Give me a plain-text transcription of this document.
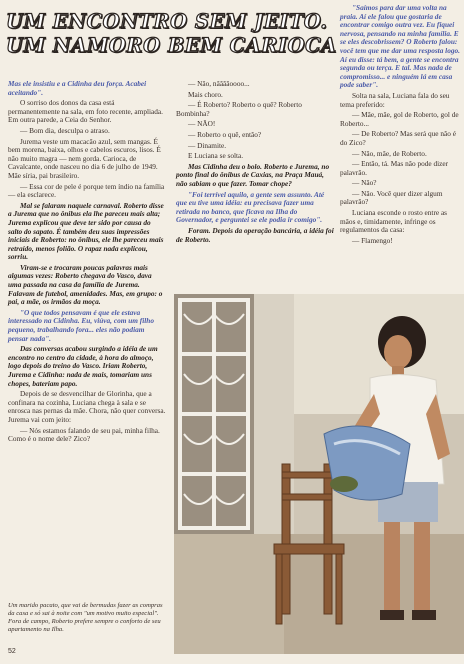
UM ENCONTRO SEM JEITO.
UM NAMORO BEM CARIOCA

Mas ele insistiu e a Cidinha deu força. Acabei aceitando".

O sorriso dos donos da casa está permanentemente na sala, em foto recente, ampliada. Em outra parede, a Ceia do Senhor.

— Bom dia, desculpa o atraso.

Jurema veste um macacão azul, sem mangas. É bem morena, baixa, olhos e cabelos escuros, lisos. É não muito magra — nem gorda. Carioca, de Cavalcante, onde nasceu no dia 6 de julho de 1949. Mãe síria, pai brasileiro.

— Essa cor de pele é porque tem índio na família — ela esclarece.

Mal se falaram naquele carnaval. Roberto disse a Jurema que no ônibus ela lhe pareceu mais alta; Jurema explicou que deve ter sido por causa do salto do sapato. É também deu suas impressões iniciais de Roberto: no ônibus, ele lhe pareceu mais retraído, menos folião. O rapaz nada explicou, sorriu.

Viram-se e trocaram poucas palavras mais algumas vezes: Roberto chegava do Vasco, dava uma passada na casa da família de Jurema. Falavam de futebol, amenidades. Mas, em grupo: o pai, a mãe, os irmãos da moça.

"O que todos pensavam é que ele estava interessado na Cidinha. Eu, viúva, com um filho pequeno, trabalhando fora... eles não podiam pensar nada".

Das conversas acabou surgindo a idéia de um encontro no centro da cidade, à hora do almoço, logo depois do treino do Vasco. Iriam Roberto, Jurema e Cidinha: nada de mais, tomariam uns chopes, bateriam papo.

Depois de se desvencilhar de Glorinha, que a confinara na cozinha, Luciana chega à sala e se enrosca nas pernas da mãe. Chora, não quer conversa. Jurema vai com jeito:

— Nós estamos falando de seu pai, minha filha. Como é o nome dele? Zico?

— Não, nããããoooo...

Mais choro.

— É Roberto? Roberto o quê? Roberto Bombinha?

— NÃO!

— Roberto o quê, então?

— Dinamite.

E Luciana se solta.

Mas Cidinha deu o bolo. Roberto e Jurema, no ponto final do ônibus de Caxias, na Praça Mauá, não sabiam o que fazer. Tomar chope?

"Foi terrível aquilo, a gente sem assunto. Até que eu tive uma idéia: eu precisava fazer uma retirada no banco, que ficava na Ilha do Governador, e perguntei se ele podia ir comigo".

Foram. Depois da operação bancária, a idéia foi de Roberto.

"Saímos para dar uma volta na praia. Aí ele falou que gostaria de encontrar comigo outra vez. Eu fiquei nervosa, pensando na minha família. E se eles descobrissem? O Roberto falou: você tem que me dar uma resposta logo. Aí eu disse: tá bem, a gente se encontra segunda ou terça. E tal. Mas nada de compromisso... e ninguém lá em casa pode saber".

Solta na sala, Luciana fala do seu tema preferido:

— Mãe, mãe, gol de Roberto, gol de Roberto...

— De Roberto? Mas será que não é do Zico?

— Não, mãe, de Roberto.

— Então, tá. Mas não pode dizer palavrão.

— Não?

— Não. Você quer dizer algum palavrão?

Luciana esconde o rosto entre as mãos e, timidamente, infringe os regulamentos da casa:

— Flamengo!

Um marido pacato, que vai de bermudas fazer as compras da casa e só sai à noite com "um motivo muito especial". Fora de campo, Roberto prefere sempre o conforto de seu apartamento na Ilha.
52
